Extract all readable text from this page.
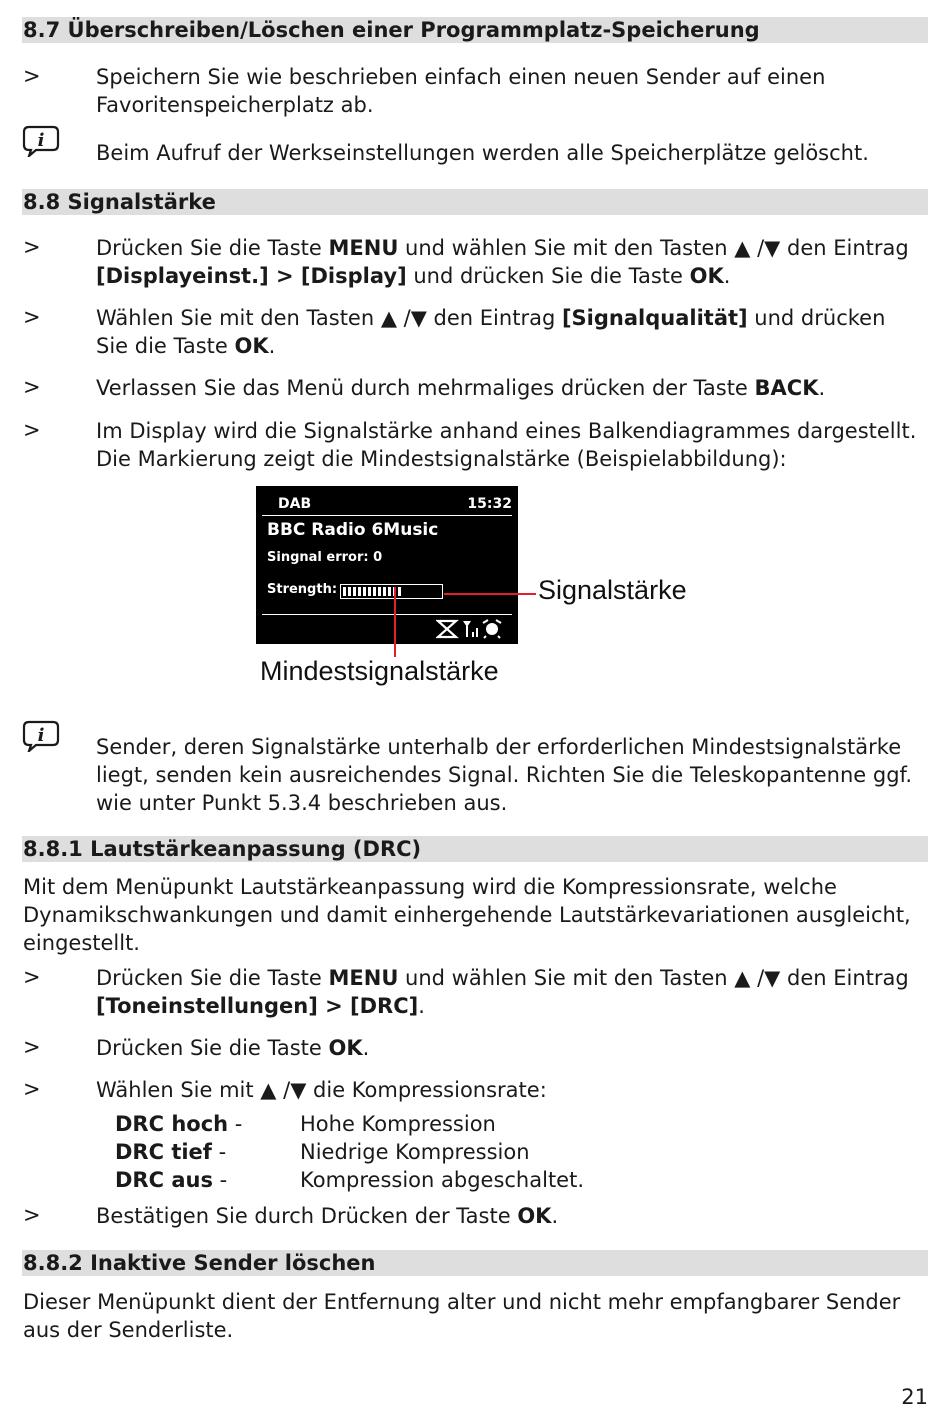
8.7 Überschreiben/Löschen einer Programmplatz-Speicherung
>	Speichern Sie wie beschrieben einfach einen neuen Sender auf einen
Favoritenspeicherplatz ab.
i
Beim Aufruf der Werkseinstellungen werden alle Speicherplätze gelöscht.
8.8 Signalstärke
>	Drücken Sie die Taste MENU und wählen Sie mit den Tasten ▲ /▼ den Eintrag
[Displayeinst.] > [Display] und drücken Sie die Taste OK.
>	Wählen Sie mit den Tasten ▲ /▼ den Eintrag [Signalqualität] und drücken
Sie die Taste OK.
>	Verlassen Sie das Menü durch mehrmaliges drücken der Taste BACK.
>	Im Display wird die Signalstärke anhand eines Balkendiagrammes dargestellt.
Die Markierung zeigt die Mindestsignalstärke (Beispielabbildung):
DAB	15:32
BBC Radio 6Music
Singnal error: 0
Strength:	Signalstärke
Mindestsignalstärke
i Sender, deren Signalstärke unterhalb der erforderlichen Mindestsignalstärke
liegt, senden kein ausreichendes Signal. Richten Sie die Teleskopantenne ggf.
wie unter Punkt 5.3.4 beschrieben aus.
8.8.1 Lautstärkeanpassung (DRC)
Mit dem Menüpunkt Lautstärkeanpassung wird die Kompressionsrate, welche
Dynamikschwankungen und damit einhergehende Lautstärkevariationen ausgleicht,
eingestellt.
>	Drücken Sie die Taste MENU und wählen Sie mit den Tasten ▲ /▼ den Eintrag
[Toneinstellungen] > [DRC].
>	Drücken Sie die Taste OK.
>	Wählen Sie mit ▲ /▼ die Kompressionsrate:
DRC hoch -	Hohe Kompression
DRC tief -	Niedrige Kompression
DRC aus -	Kompression abgeschaltet.
>	Bestätigen Sie durch Drücken der Taste OK.
8.8.2 Inaktive Sender löschen
Dieser Menüpunkt dient der Entfernung alter und nicht mehr empfangbarer Sender
aus der Senderliste.
21
